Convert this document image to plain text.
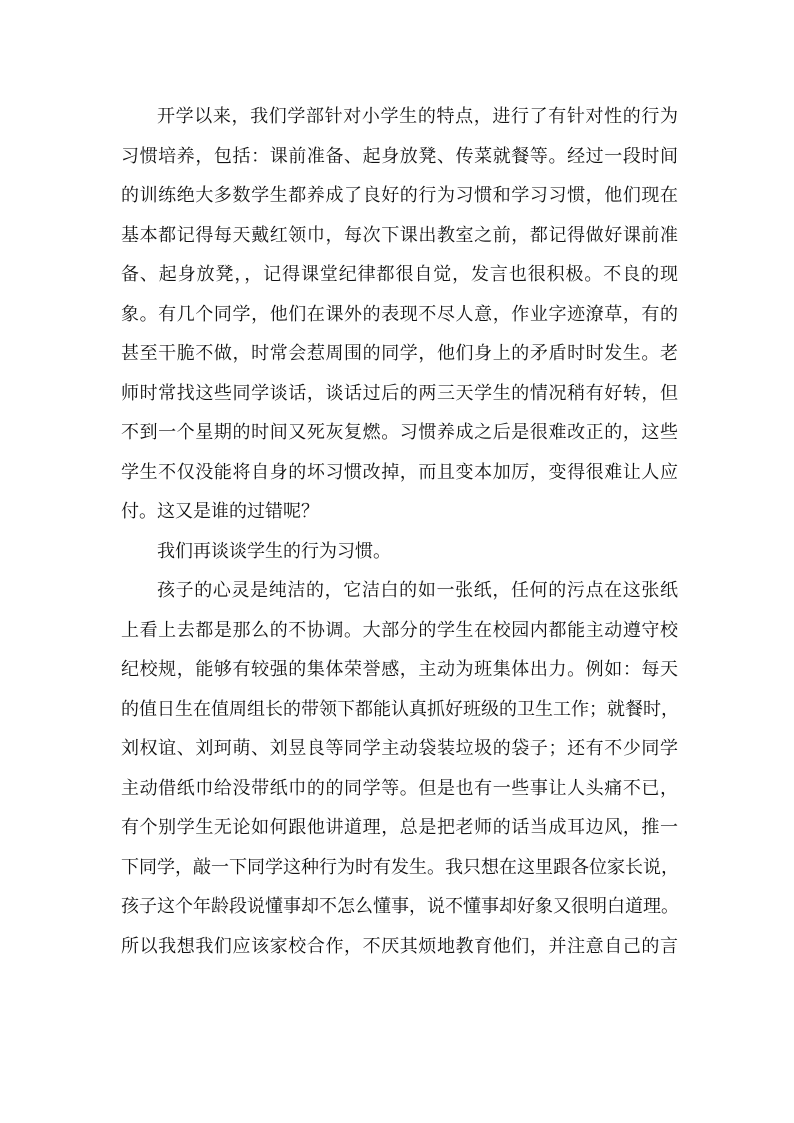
开学以来，我们学部针对小学生的特点，进行了有针对性的行为
习惯培养，包括：课前准备、起身放凳、传菜就餐等。经过一段时间
的训练绝大多数学生都养成了良好的行为习惯和学习习惯，他们现在
基本都记得每天戴红领巾，每次下课出教室之前，都记得做好课前准
备、起身放凳，，记得课堂纪律都很自觉，发言也很积极。不良的现
象。有几个同学，他们在课外的表现不尽人意，作业字迹潦草，有的
甚至干脆不做，时常会惹周围的同学，他们身上的矛盾时时发生。老
师时常找这些同学谈话，谈话过后的两三天学生的情况稍有好转，但
不到一个星期的时间又死灰复燃。习惯养成之后是很难改正的，这些
学生不仅没能将自身的坏习惯改掉，而且变本加厉，变得很难让人应
付。这又是谁的过错呢？
我们再谈谈学生的行为习惯。
孩子的心灵是纯洁的，它洁白的如一张纸，任何的污点在这张纸
上看上去都是那么的不协调。大部分的学生在校园内都能主动遵守校
纪校规，能够有较强的集体荣誉感，主动为班集体出力。例如：每天
的值日生在值周组长的带领下都能认真抓好班级的卫生工作；就餐时，
刘权谊、刘珂萌、刘昱良等同学主动袋装垃圾的袋子；还有不少同学
主动借纸巾给没带纸巾的的同学等。但是也有一些事让人头痛不已，
有个别学生无论如何跟他讲道理，总是把老师的话当成耳边风，推一
下同学，敲一下同学这种行为时有发生。我只想在这里跟各位家长说，
孩子这个年龄段说懂事却不怎么懂事，说不懂事却好象又很明白道理。
所以我想我们应该家校合作，不厌其烦地教育他们，并注意自己的言
